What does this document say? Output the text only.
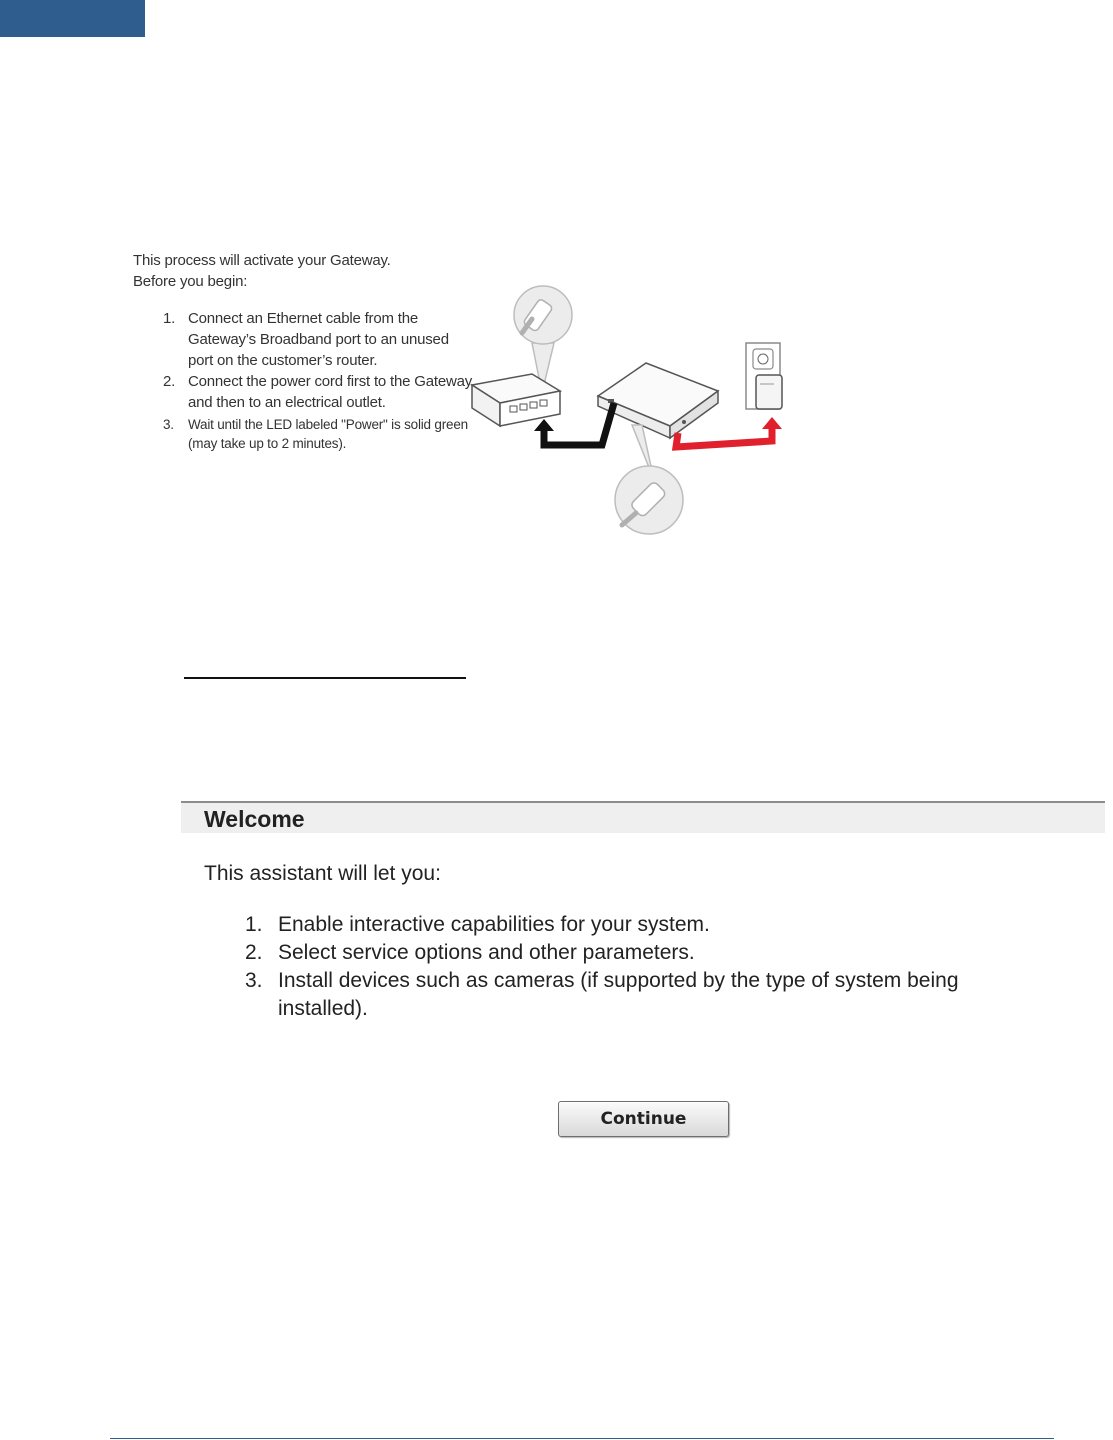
This process will activate your Gateway.
Before you begin:

1. Connect an Ethernet cable from the Gateway’s Broadband port to an unused port on the customer’s router.
2. Connect the power cord first to the Gateway and then to an electrical outlet.
3. Wait until the LED labeled "Power" is solid green (may take up to 2 minutes).
Welcome
This assistant will let you:
1. Enable interactive capabilities for your system.
2. Select service options and other parameters.
3. Install devices such as cameras (if supported by the type of system being installed).
Continue
